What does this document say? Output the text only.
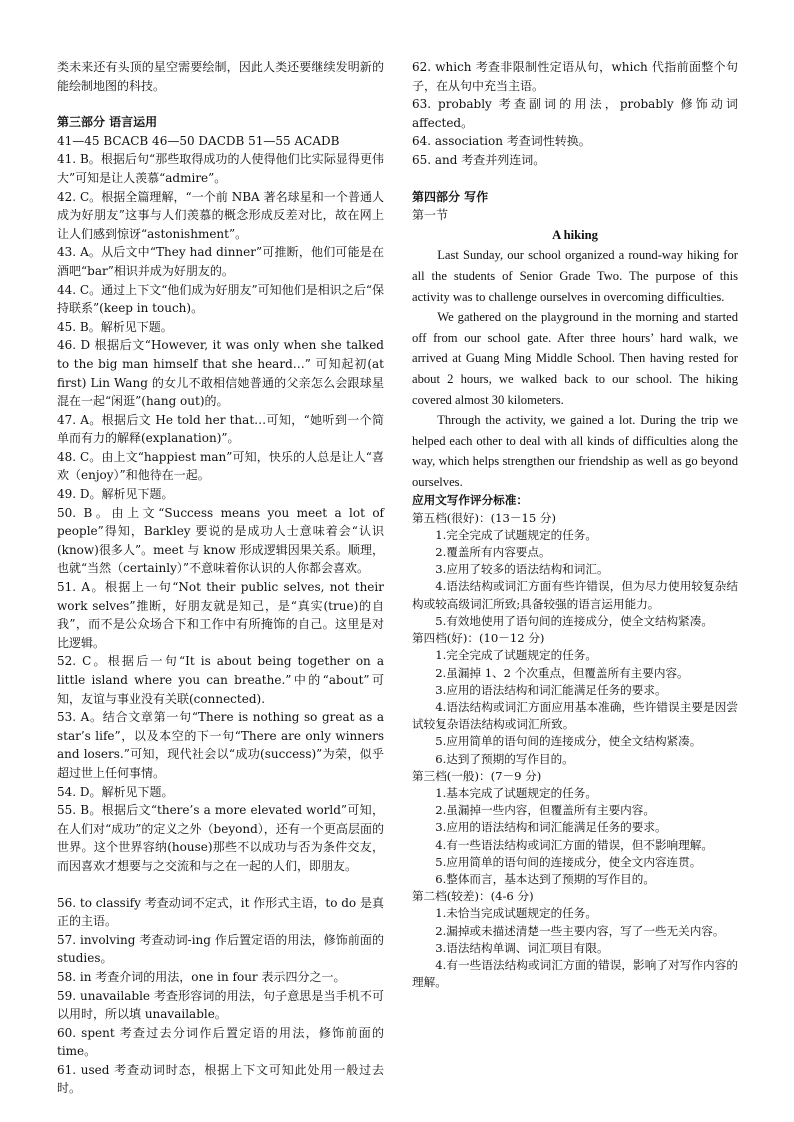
类未来还有头顶的星空需要绘制，因此人类还要继续发明新的能绘制地图的科技。

第三部分 语言运用

41—45 BCACB 46—50 DACDB 51—55 ACADB

41. B。根据后句“那些取得成功的人使得他们比实际显得更伟大”可知是让人羡慕“admire”。

42. C。根据全篇理解，“一个前 NBA 著名球星和一个普通人成为好朋友”这事与人们羡慕的概念形成反差对比，故在网上让人们感到惊讶“astonishment”。

43. A。从后文中“They had dinner”可推断，他们可能是在酒吧“bar”相识并成为好朋友的。

44. C。通过上下文“他们成为好朋友”可知他们是相识之后“保持联系”(keep in touch)。

45. B。解析见下题。

46. D 根据后文“However, it was only when she talked to the big man himself that she heard…” 可知起初(at first) Lin Wang 的女儿不敢相信她普通的父亲怎么会跟球星混在一起“闲逛”(hang out)的。

47. A。根据后文 He told her that…可知，“她听到一个简单而有力的解释(explanation)”。

48. C。由上文“happiest man”可知，快乐的人总是让人“喜欢（enjoy）”和他待在一起。

49. D。解析见下题。

50. B。由上文“Success means you meet a lot of people”得知，Barkley 要说的是成功人士意味着会“认识(know)很多人”。meet 与 know 形成逻辑因果关系。顺理，也就“当然（certainly）”不意味着你认识的人你都会喜欢。

51. A。根据上一句“Not their public selves, not their work selves”推断，好朋友就是知己，是“真实(true)的自我”，而不是公众场合下和工作中有所掩饰的自己。这里是对比逻辑。

52. C。根据后一句“It is about being together on a little island where you can breathe.”中的“about”可知，友谊与事业没有关联(connected).

53. A。结合文章第一句“There is nothing so great as a star’s life”，以及本空的下一句“There are only winners and losers.”可知，现代社会以“成功(success)”为荣，似乎超过世上任何事情。

54. D。解析见下题。

55. B。根据后文“there’s a more elevated world”可知，在人们对“成功”的定义之外（beyond），还有一个更高层面的世界。这个世界容纳(house)那些不以成功与否为条件交友，而因喜欢才想要与之交流和与之在一起的人们，即朋友。

56. to classify 考查动词不定式，it 作形式主语，to do 是真正的主语。

57. involving 考查动词-ing 作后置定语的用法，修饰前面的 studies。

58. in 考查介词的用法，one in four 表示四分之一。

59. unavailable 考查形容词的用法，句子意思是当手机不可以用时，所以填 unavailable。

60. spent 考查过去分词作后置定语的用法，修饰前面的 time。

61. used 考查动词时态，根据上下文可知此处用一般过去时。

62. which 考查非限制性定语从句，which 代指前面整个句子，在从句中充当主语。

63. probably 考查副词的用法，probably 修饰动词 affected。

64. association 考查词性转换。

65. and 考查并列连词。

第四部分 写作

第一节

A hiking

Last Sunday, our school organized a round-way hiking for all the students of Senior Grade Two. The purpose of this activity was to challenge ourselves in overcoming difficulties.

We gathered on the playground in the morning and started off from our school gate. After three hours’ hard walk, we arrived at Guang Ming Middle School. Then having rested for about 2 hours, we walked back to our school. The hiking covered almost 30 kilometers.

Through the activity, we gained a lot. During the trip we helped each other to deal with all kinds of difficulties along the way, which helps strengthen our friendship as well as go beyond ourselves.

应用文写作评分标准：

第五档(很好)：(13－15 分)

1.完全完成了试题规定的任务。

2.覆盖所有内容要点。

3.应用了较多的语法结构和词汇。

4.语法结构或词汇方面有些许错误，但为尽力使用较复杂结构或较高级词汇所致;具备较强的语言运用能力。

5.有效地使用了语句间的连接成分，使全文结构紧凑。

第四档(好)：(10－12 分)

1.完全完成了试题规定的任务。

2.虽漏掉 1、2 个次重点，但覆盖所有主要内容。

3.应用的语法结构和词汇能满足任务的要求。

4.语法结构或词汇方面应用基本准确，些许错误主要是因尝试较复杂语法结构或词汇所致。

5.应用简单的语句间的连接成分，使全文结构紧凑。

6.达到了预期的写作目的。

第三档(一般)：(7－9 分)

1.基本完成了试题规定的任务。

2.虽漏掉一些内容，但覆盖所有主要内容。

3.应用的语法结构和词汇能满足任务的要求。

4.有一些语法结构或词汇方面的错误，但不影响理解。

5.应用简单的语句间的连接成分，使全文内容连贯。

6.整体而言，基本达到了预期的写作目的。

第二档(较差)：(4-6 分)

1.未恰当完成试题规定的任务。

2.漏掉或未描述清楚一些主要内容，写了一些无关内容。

3.语法结构单调、词汇项目有限。

4.有一些语法结构或词汇方面的错误，影响了对写作内容的理解。
